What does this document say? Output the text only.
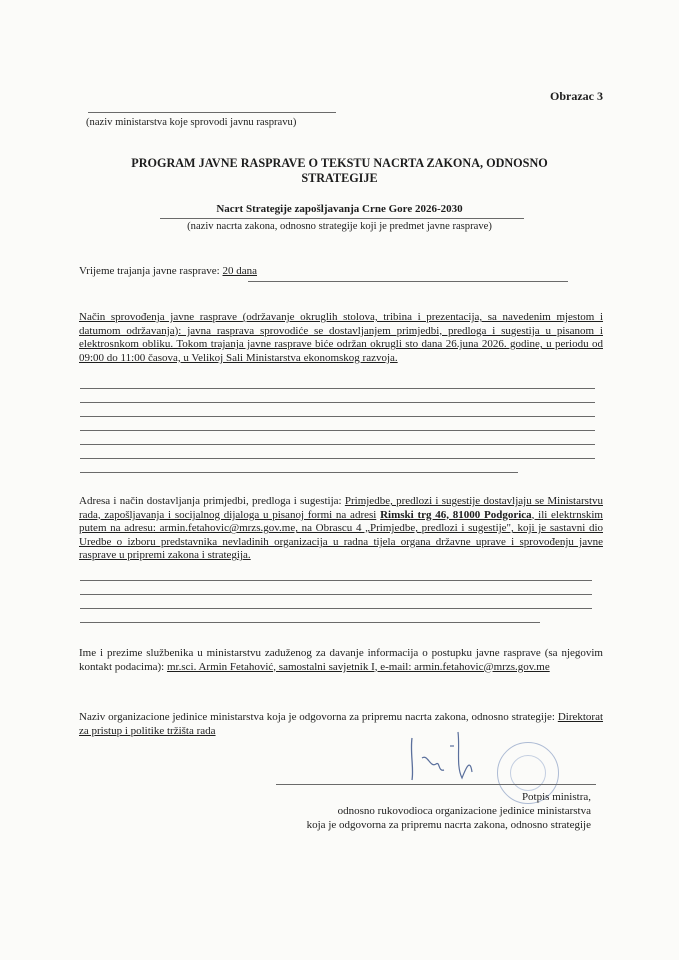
Obrazac 3
(naziv ministarstva koje sprovodi javnu raspravu)
PROGRAM JAVNE RASPRAVE O TEKSTU NACRTA ZAKONA, ODNOSNO
STRATEGIJE
Nacrt Strategije zapošljavanja Crne Gore 2026-2030
(naziv nacrta zakona, odnosno strategije koji je predmet javne rasprave)
Vrijeme trajanja javne rasprave: 20 dana
Način sprovođenja javne rasprave (održavanje okruglih stolova, tribina i prezentacija, sa navedenim mjestom i datumom održavanja): javna rasprava sprovodiće se dostavljanjem primjedbi, predloga i sugestija u pisanom i elektrosnkom obliku. Tokom trajanja javne rasprave biće održan okrugli sto dana 26.juna 2026. godine, u periodu od 09:00 do 11:00 časova, u Velikoj Sali Ministarstva ekonomskog razvoja.
Adresa i način dostavljanja primjedbi, predloga i sugestija: Primjedbe, predlozi i sugestije dostavljaju se Ministarstvu rada, zapošljavanja i socijalnog dijaloga u pisanoj formi na adresi Rimski trg 46, 81000 Podgorica, ili elektrnskim putem na adresu: armin.fetahovic@mrzs.gov.me, na Obrascu 4 „Primjedbe, predlozi i sugestije", koji je sastavni dio Uredbe o izboru predstavnika nevladinih organizacija u radna tijela organa državne uprave i sprovođenju javne rasprave u pripremi zakona i strategija.
Ime i prezime službenika u ministarstvu zaduženog za davanje informacija o postupku javne rasprave (sa njegovim kontakt podacima): mr.sci. Armin Fetahović, samostalni savjetnik I, e-mail: armin.fetahovic@mrzs.gov.me
Naziv organizacione jedinice ministarstva koja je odgovorna za pripremu nacrta zakona, odnosno strategije: Direktorat za pristup i politike tržišta rada
Potpis ministra,
odnosno rukovodioca organizacione jedinice ministarstva
koja je odgovorna za pripremu nacrta zakona, odnosno strategije
